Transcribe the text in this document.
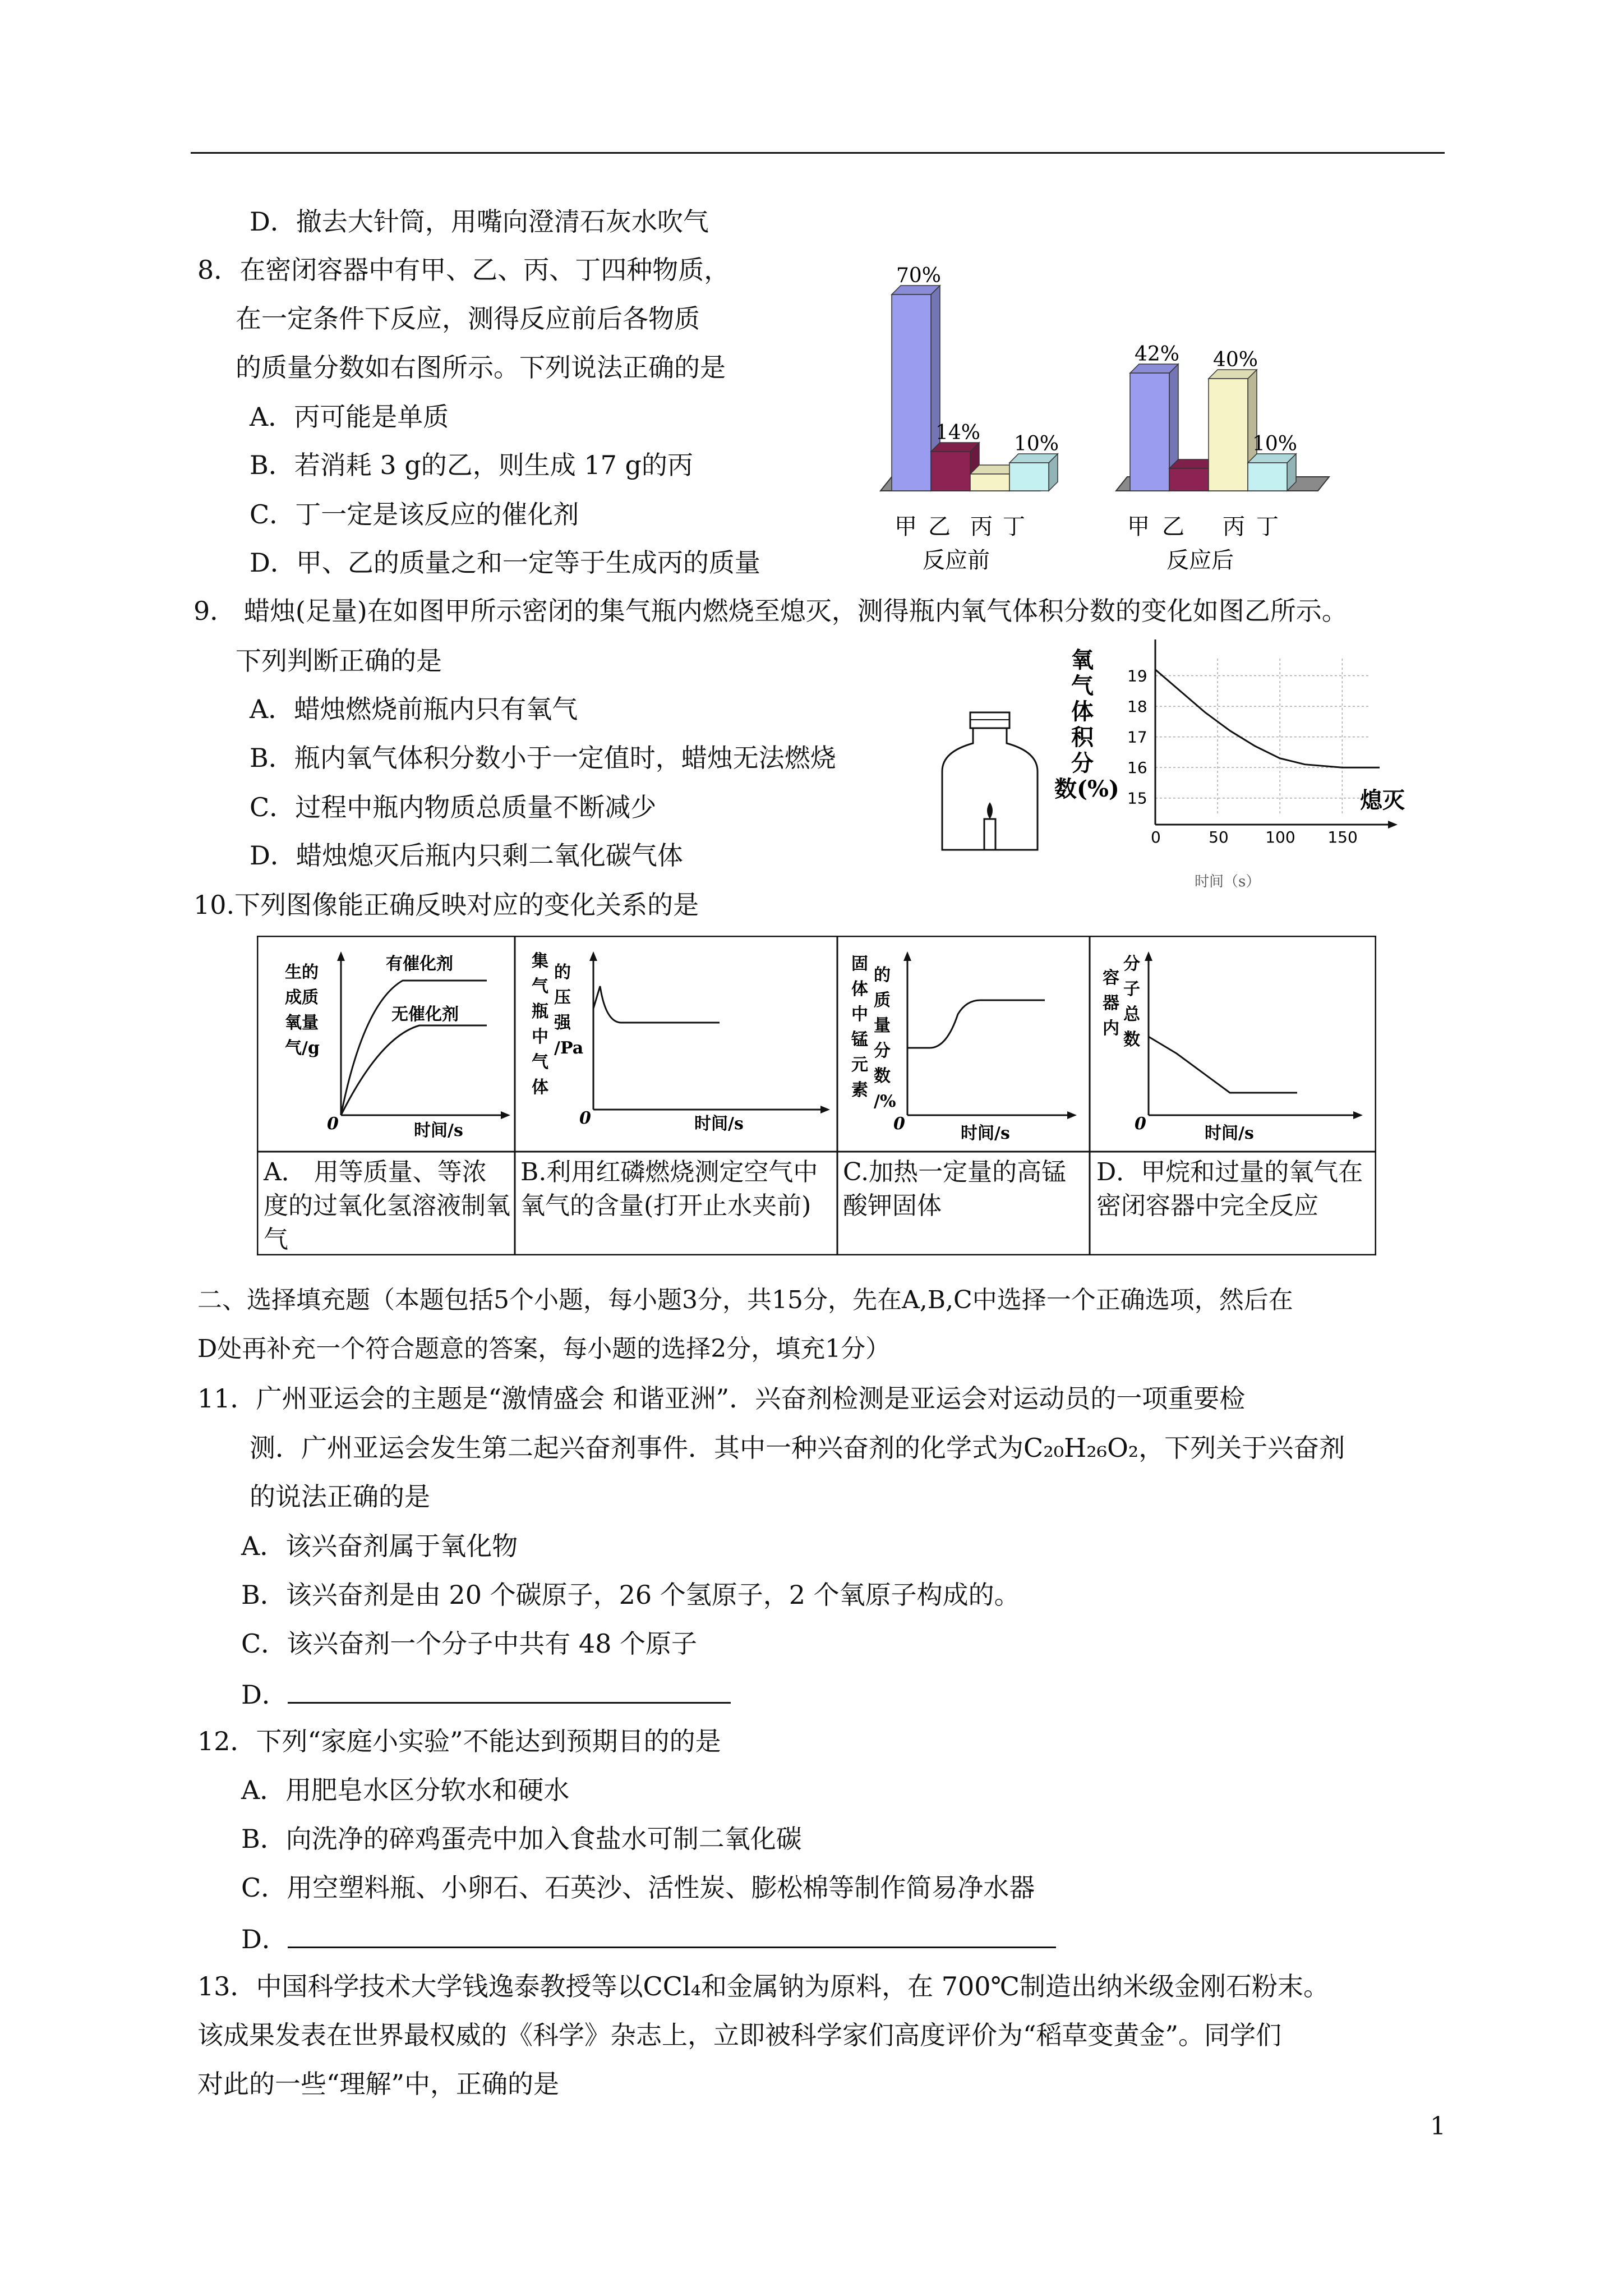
D．撤去大针筒，用嘴向澄清石灰水吹气
8．在密闭容器中有甲、乙、丙、丁四种物质，
在一定条件下反应，测得反应前后各物质
的质量分数如右图所示。下列说法正确的是
A．丙可能是单质
B．若消耗 3 g的乙，则生成 17 g的丙
C．丁一定是该反应的催化剂
D．甲、乙的质量之和一定等于生成丙的质量
70%
14% 10%
42% 40%
10%
甲 乙 丙 丁
反应前
甲 乙 丙 丁
反应后
9． 蜡烛(足量)在如图甲所示密闭的集气瓶内燃烧至熄灭，测得瓶内氧气体积分数的变化如图乙所示。
下列判断正确的是
A．蜡烛燃烧前瓶内只有氧气
B．瓶内氧气体积分数小于一定值时，蜡烛无法燃烧
C．过程中瓶内物质总质量不断减少
D．蜡烛熄灭后瓶内只剩二氧化碳气体
15
16
17
18
19
0	50 100 150
氧气体积分数(%)
时间（s）
熄灭
10.下列图像能正确反映对应的变化关系的是
有催化剂
无催化剂
生的成质氧量气/g
0	时间/s
集气瓶中气体 的压强/Pa
0	时间/s
固体中锰元素 的质量分数/%
0	时间/s
容器内 分子总数
0	时间/s
A． 用等质量、等浓度的过氧化氢溶液制氧气
B.利用红磷燃烧测定空气中氧气的含量(打开止水夹前)
C.加热一定量的高锰酸钾固体
D．甲烷和过量的氧气在密闭容器中完全反应
二、选择填充题（本题包括5个小题，每小题3分，共15分，先在A,B,C中选择一个正确选项，然后在
D处再补充一个符合题意的答案，每小题的选择2分，填充1分）
11．广州亚运会的主题是“激情盛会 和谐亚洲”．兴奋剂检测是亚运会对运动员的一项重要检
测．广州亚运会发生第二起兴奋剂事件．其中一种兴奋剂的化学式为C₂₀H₂₆O₂，下列关于兴奋剂
的说法正确的是
A．该兴奋剂属于氧化物
B．该兴奋剂是由 20 个碳原子，26 个氢原子，2 个氧原子构成的。
C．该兴奋剂一个分子中共有 48 个原子
D．
12．下列“家庭小实验”不能达到预期目的的是
A．用肥皂水区分软水和硬水
B．向洗净的碎鸡蛋壳中加入食盐水可制二氧化碳
C．用空塑料瓶、小卵石、石英沙、活性炭、膨松棉等制作简易净水器
D．
13．中国科学技术大学钱逸泰教授等以CCl₄和金属钠为原料，在 700℃制造出纳米级金刚石粉末。
该成果发表在世界最权威的《科学》杂志上，立即被科学家们高度评价为“稻草变黄金”。同学们
对此的一些“理解”中，正确的是
1
